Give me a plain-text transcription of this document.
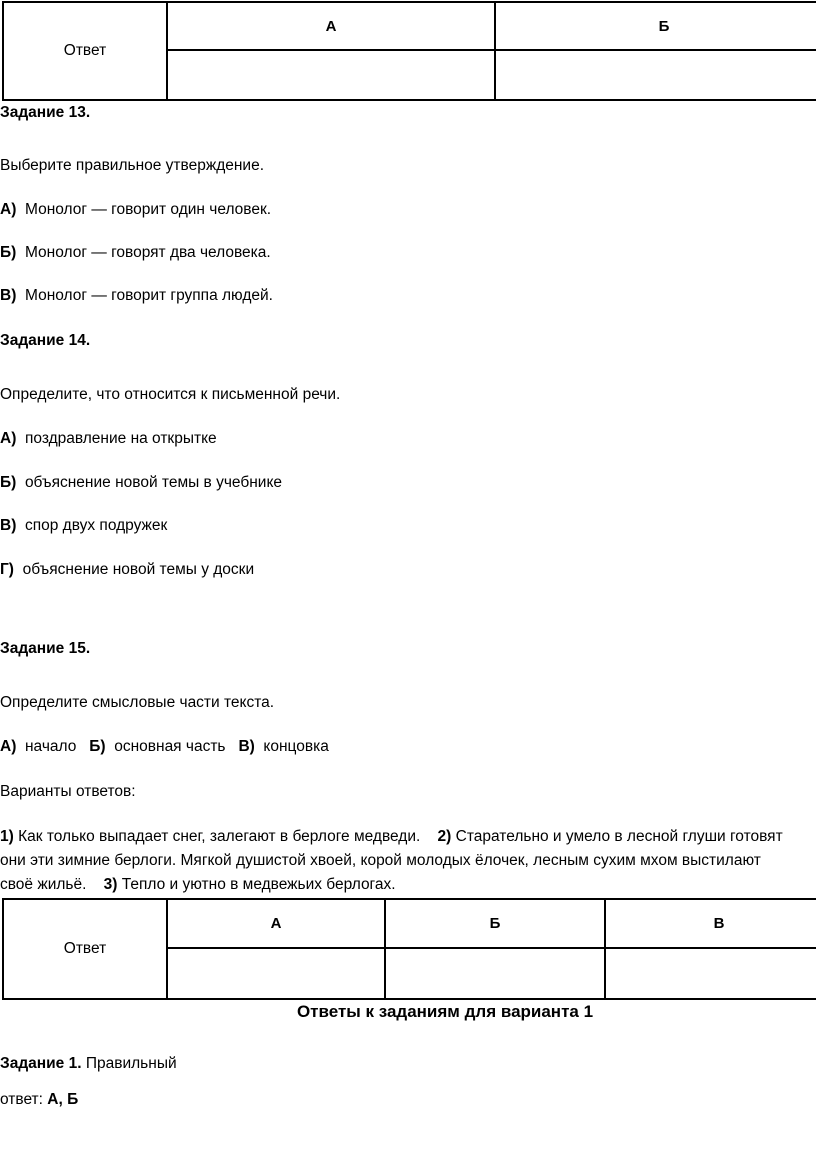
Ответ	А	Б

Задание 13.
Выберите правильное утверждение.
А) Монолог — говорит один человек.
Б) Монолог — говорят два человека.
В) Монолог — говорит группа людей.
Задание 14.
Определите, что относится к письменной речи.
А) поздравление на открытке
Б) объяснение новой темы в учебнике
В) спор двух подружек
Г) объяснение новой темы у доски
Задание 15.
Определите смысловые части текста.
А) начало Б) основная часть В) концовка
Варианты ответов:
1) Как только выпадает снег, залегают в берлоге медведи. 2) Старательно и умело в лесной глуши готовят
они эти зимние берлоги. Мягкой душистой хвоей, корой молодых ёлочек, лесным сухим мхом выстилают
своё жильё. 3) Тепло и уютно в медвежьих берлогах.
Ответ	А	Б	В

Ответы к заданиям для варианта 1
Задание 1. Правильный
ответ: А, Б
